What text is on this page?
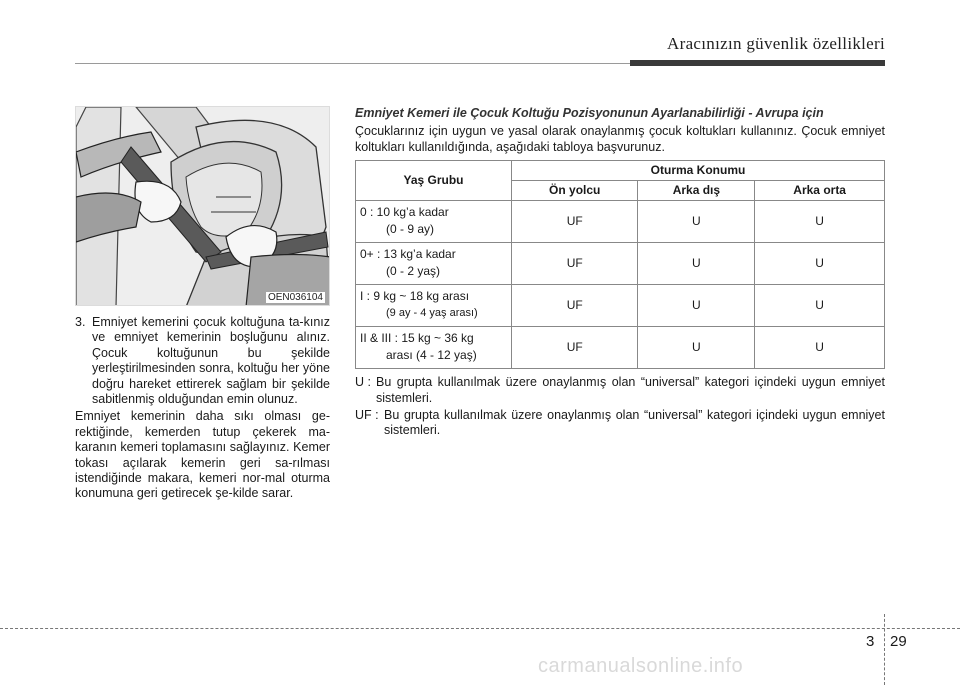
Aracınızın güvenlik özellikleri
OEN036104
3. Emniyet kemerini çocuk koltuğuna ta-kınız ve emniyet kemerinin boşluğunu alınız. Çocuk koltuğunun bu şekilde yerleştirilmesinden sonra, koltuğu her yöne doğru hareket ettirerek sağlam bir şekilde sabitlenmiş olduğundan emin olunuz.
Emniyet kemerinin daha sıkı olması ge-rektiğinde, kemerden tutup çekerek ma-karanın kemeri toplamasını sağlayınız. Kemer tokası açılarak kemerin geri sa-rılması istendiğinde makara, kemeri nor-mal oturma konumuna geri getirecek şe-kilde sarar.
Emniyet Kemeri ile Çocuk Koltuğu Pozisyonunun Ayarlanabilirliği - Avrupa için
Çocuklarınız için uygun ve yasal olarak onaylanmış çocuk koltukları kullanınız. Çocuk emniyet koltukları kullanıldığında, aşağıdaki tabloya başvurunuz.
Yaş Grubu	Oturma Konumu		
	Ön yolcu	Arka dış	Arka orta
0 : 10 kg’a kadar
(0 - 9 ay)	UF	U	U
0+ : 13 kg’a kadar
(0 - 2 yaş)	UF	U	U
I : 9 kg ~ 18 kg arası
(9 ay - 4 yaş arası)	UF	U	U
II & III : 15 kg ~ 36 kg
arası (4 - 12 yaş)	UF	U	U
U : Bu grupta kullanılmak üzere onaylanmış olan “universal” kategori içindeki uygun emniyet sistemleri.
UF : Bu grupta kullanılmak üzere onaylanmış olan “universal” kategori içindeki uygun emniyet sistemleri.
3 29
carmanualsonline.info
